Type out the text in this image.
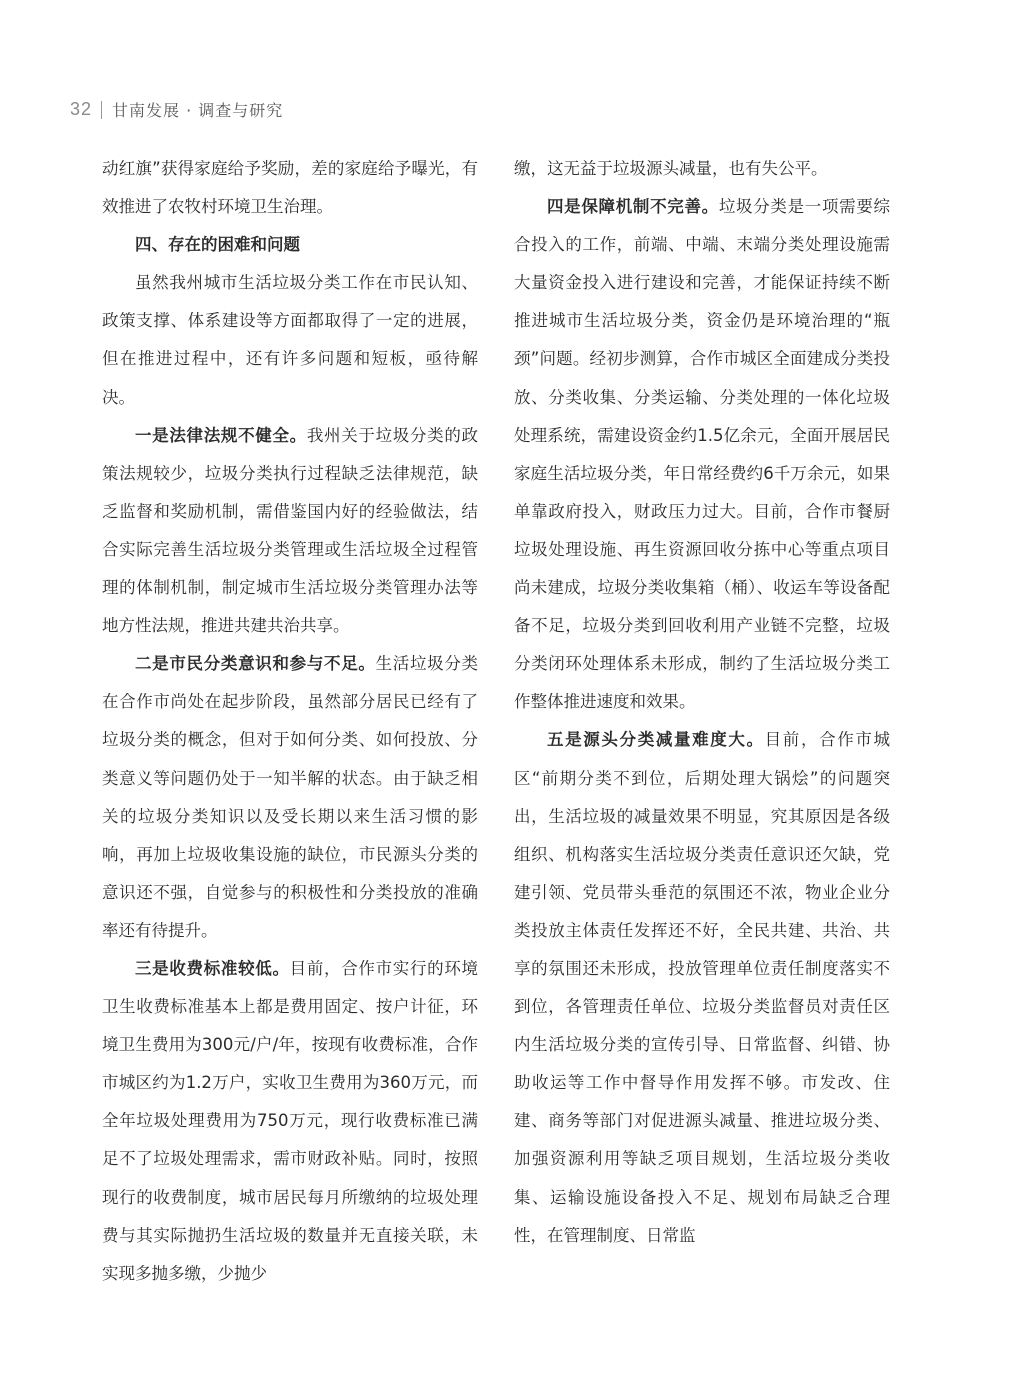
32 甘南发展 · 调查与研究

动红旗”获得家庭给予奖励，差的家庭给予曝光，有效推进了农牧村环境卫生治理。

四、存在的困难和问题

虽然我州城市生活垃圾分类工作在市民认知、政策支撑、体系建设等方面都取得了一定的进展，但在推进过程中，还有许多问题和短板，亟待解决。

一是法律法规不健全。我州关于垃圾分类的政策法规较少，垃圾分类执行过程缺乏法律规范，缺乏监督和奖励机制，需借鉴国内好的经验做法，结合实际完善生活垃圾分类管理或生活垃圾全过程管理的体制机制，制定城市生活垃圾分类管理办法等地方性法规，推进共建共治共享。

二是市民分类意识和参与不足。生活垃圾分类在合作市尚处在起步阶段，虽然部分居民已经有了垃圾分类的概念，但对于如何分类、如何投放、分类意义等问题仍处于一知半解的状态。由于缺乏相关的垃圾分类知识以及受长期以来生活习惯的影响，再加上垃圾收集设施的缺位，市民源头分类的意识还不强，自觉参与的积极性和分类投放的准确率还有待提升。

三是收费标准较低。目前，合作市实行的环境卫生收费标准基本上都是费用固定、按户计征，环境卫生费用为300元/户/年，按现有收费标准，合作市城区约为1.2万户，实收卫生费用为360万元，而全年垃圾处理费用为750万元，现行收费标准已满足不了垃圾处理需求，需市财政补贴。同时，按照现行的收费制度，城市居民每月所缴纳的垃圾处理费与其实际抛扔生活垃圾的数量并无直接关联，未实现多抛多缴，少抛少

缴，这无益于垃圾源头减量，也有失公平。

四是保障机制不完善。垃圾分类是一项需要综合投入的工作，前端、中端、末端分类处理设施需大量资金投入进行建设和完善，才能保证持续不断推进城市生活垃圾分类，资金仍是环境治理的“瓶颈”问题。经初步测算，合作市城区全面建成分类投放、分类收集、分类运输、分类处理的一体化垃圾处理系统，需建设资金约1.5亿余元，全面开展居民家庭生活垃圾分类，年日常经费约6千万余元，如果单靠政府投入，财政压力过大。目前，合作市餐厨垃圾处理设施、再生资源回收分拣中心等重点项目尚未建成，垃圾分类收集箱（桶）、收运车等设备配备不足，垃圾分类到回收利用产业链不完整，垃圾分类闭环处理体系未形成，制约了生活垃圾分类工作整体推进速度和效果。

五是源头分类减量难度大。目前，合作市城区“前期分类不到位，后期处理大锅烩”的问题突出，生活垃圾的减量效果不明显，究其原因是各级组织、机构落实生活垃圾分类责任意识还欠缺，党建引领、党员带头垂范的氛围还不浓，物业企业分类投放主体责任发挥还不好，全民共建、共治、共享的氛围还未形成，投放管理单位责任制度落实不到位，各管理责任单位、垃圾分类监督员对责任区内生活垃圾分类的宣传引导、日常监督、纠错、协助收运等工作中督导作用发挥不够。市发改、住建、商务等部门对促进源头减量、推进垃圾分类、加强资源利用等缺乏项目规划，生活垃圾分类收集、运输设施设备投入不足、规划布局缺乏合理性，在管理制度、日常监
